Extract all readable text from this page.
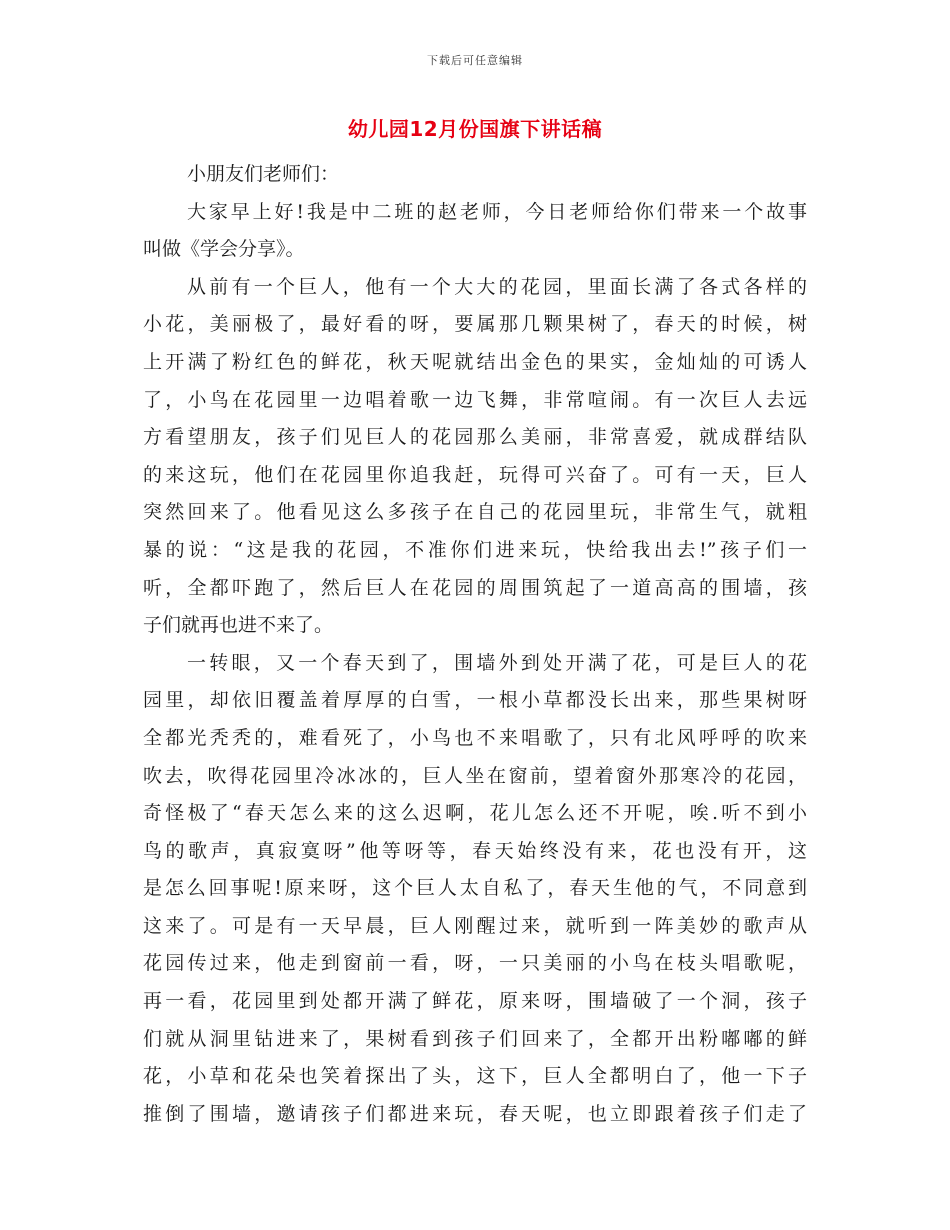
下载后可任意编辑
幼儿园12月份国旗下讲话稿
小朋友们老师们：
大家早上好!我是中二班的赵老师，今日老师给你们带来一个故事
叫做《学会分享》。
从前有一个巨人，他有一个大大的花园，里面长满了各式各样的
小花，美丽极了，最好看的呀，要属那几颗果树了，春天的时候，树
上开满了粉红色的鲜花，秋天呢就结出金色的果实，金灿灿的可诱人
了，小鸟在花园里一边唱着歌一边飞舞，非常喧闹。有一次巨人去远
方看望朋友，孩子们见巨人的花园那么美丽，非常喜爱，就成群结队
的来这玩，他们在花园里你追我赶，玩得可兴奋了。可有一天，巨人
突然回来了。他看见这么多孩子在自己的花园里玩，非常生气，就粗
暴的说：“这是我的花园，不准你们进来玩，快给我出去!”孩子们一
听，全都吓跑了，然后巨人在花园的周围筑起了一道高高的围墙，孩
子们就再也进不来了。
一转眼，又一个春天到了，围墙外到处开满了花，可是巨人的花
园里，却依旧覆盖着厚厚的白雪，一根小草都没长出来，那些果树呀
全都光秃秃的，难看死了，小鸟也不来唱歌了，只有北风呼呼的吹来
吹去，吹得花园里冷冰冰的，巨人坐在窗前，望着窗外那寒冷的花园，
奇怪极了“春天怎么来的这么迟啊，花儿怎么还不开呢，唉.听不到小
鸟的歌声，真寂寞呀”他等呀等，春天始终没有来，花也没有开，这
是怎么回事呢!原来呀，这个巨人太自私了，春天生他的气，不同意到
这来了。可是有一天早晨，巨人刚醒过来，就听到一阵美妙的歌声从
花园传过来，他走到窗前一看，呀，一只美丽的小鸟在枝头唱歌呢，
再一看，花园里到处都开满了鲜花，原来呀，围墙破了一个洞，孩子
们就从洞里钻进来了，果树看到孩子们回来了，全都开出粉嘟嘟的鲜
花，小草和花朵也笑着探出了头，这下，巨人全都明白了，他一下子
推倒了围墙，邀请孩子们都进来玩，春天呢，也立即跟着孩子们走了
